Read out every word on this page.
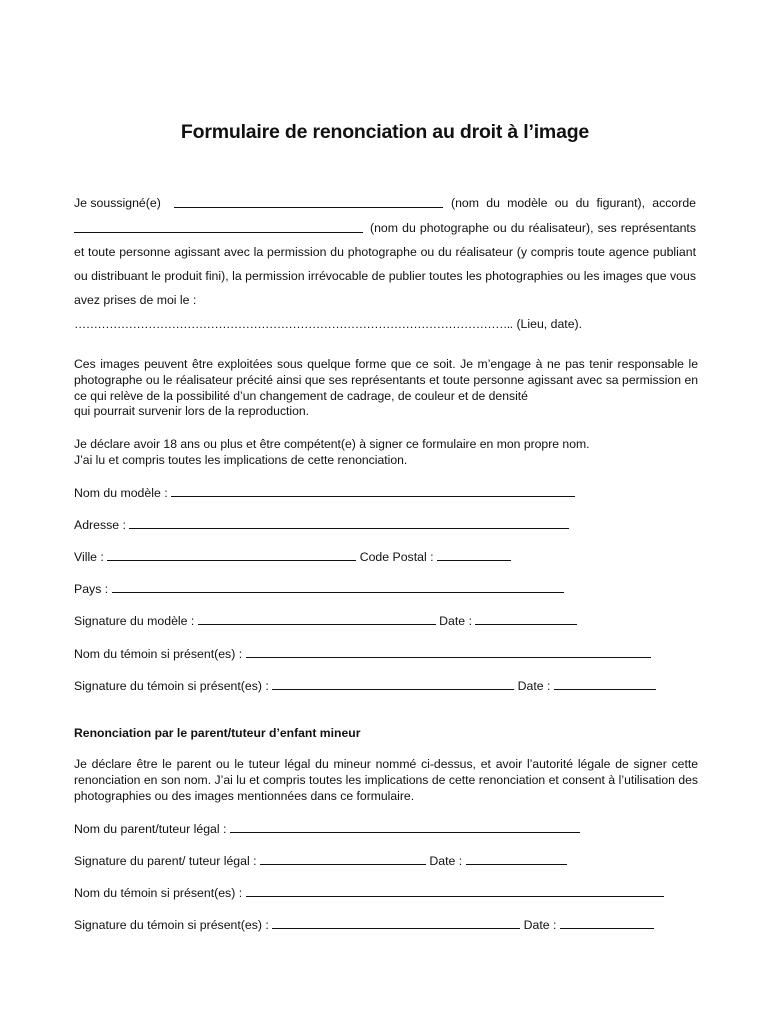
Formulaire de renonciation au droit à l’image
Je soussigné(e)	(nom du modèle ou du figurant), accorde
(nom du photographe ou du réalisateur), ses représentants
et toute personne agissant avec la permission du photographe ou du réalisateur (y compris toute agence publiant
ou distribuant le produit fini), la permission irrévocable de publier toutes les photographies ou les images que vous
avez prises de moi le :
………………………………………………………………………………………………….. (Lieu, date).
Ces images peuvent être exploitées sous quelque forme que ce soit. Je m’engage à ne pas tenir responsable le
photographe ou le réalisateur précité ainsi que ses représentants et toute personne agissant avec sa permission en
ce qui relève de la possibilité d’un changement de cadrage, de couleur et de densité
qui pourrait survenir lors de la reproduction.
Je déclare avoir 18 ans ou plus et être compétent(e) à signer ce formulaire en mon propre nom.
J’ai lu et compris toutes les implications de cette renonciation.
Nom du modèle :
Adresse :
Ville :	Code Postal :
Pays :
Signature du modèle :	Date :
Nom du témoin si présent(es) :
Signature du témoin si présent(es) :	Date :
Renonciation par le parent/tuteur d’enfant mineur
Je déclare être le parent ou le tuteur légal du mineur nommé ci-dessus, et avoir l’autorité légale de signer cette
renonciation en son nom. J’ai lu et compris toutes les implications de cette renonciation et consent à l’utilisation des
photographies ou des images mentionnées dans ce formulaire.
Nom du parent/tuteur légal :
Signature du parent/ tuteur légal :	Date :
Nom du témoin si présent(es) :
Signature du témoin si présent(es) :	Date :
